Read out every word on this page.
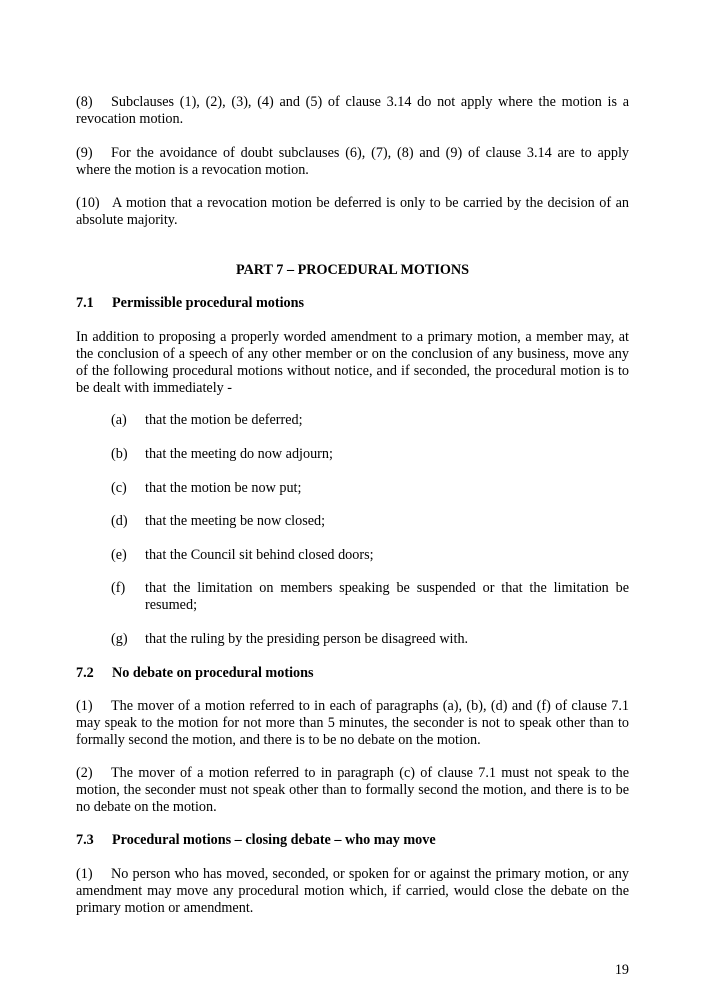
(8) Subclauses (1), (2), (3), (4) and (5) of clause 3.14 do not apply where the motion is a revocation motion.

(9) For the avoidance of doubt subclauses (6), (7), (8) and (9) of clause 3.14 are to apply where the motion is a revocation motion.

(10) A motion that a revocation motion be deferred is only to be carried by the decision of an absolute majority.

PART 7 – PROCEDURAL MOTIONS
7.1 Permissible procedural motions

In addition to proposing a properly worded amendment to a primary motion, a member may, at the conclusion of a speech of any other member or on the conclusion of any business, move any of the following procedural motions without notice, and if seconded, the procedural motion is to be dealt with immediately -

(a) that the motion be deferred;
(b) that the meeting do now adjourn;
(c) that the motion be now put;
(d) that the meeting be now closed;
(e) that the Council sit behind closed doors;
(f) that the limitation on members speaking be suspended or that the limitation be resumed;
(g) that the ruling by the presiding person be disagreed with.
7.2 No debate on procedural motions

(1) The mover of a motion referred to in each of paragraphs (a), (b), (d) and (f) of clause 7.1 may speak to the motion for not more than 5 minutes, the seconder is not to speak other than to formally second the motion, and there is to be no debate on the motion.

(2) The mover of a motion referred to in paragraph (c) of clause 7.1 must not speak to the motion, the seconder must not speak other than to formally second the motion, and there is to be no debate on the motion.

7.3 Procedural motions – closing debate – who may move

(1) No person who has moved, seconded, or spoken for or against the primary motion, or any amendment may move any procedural motion which, if carried, would close the debate on the primary motion or amendment.

19
